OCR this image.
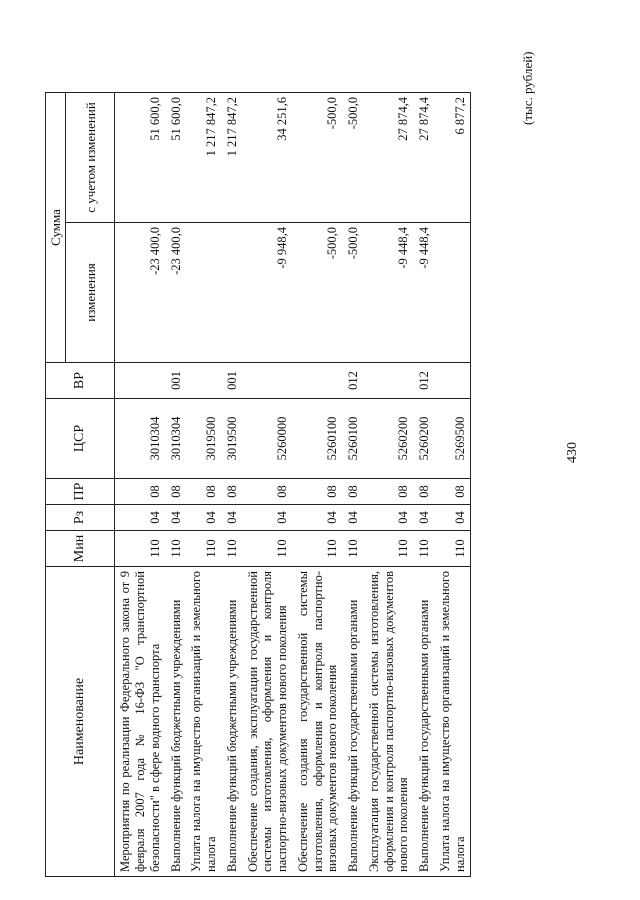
430
(тыс. рублей)
Наименование	Мин	Рз	ПР	ЦСР	ВР	Сумма	
						изменения	с учетом изменений
Мероприятия по реализации Федерального закона от 9 февраля 2007 года № 16-ФЗ "О транспортной безопасности" в сфере водного транспорта	110	04	08	3010304		-23 400,0	51 600,0
Выполнение функций бюджетными учреждениями	110	04	08	3010304	001	-23 400,0	51 600,0
Уплата налога на имущество организаций и земельного налога	110	04	08	3019500			1 217 847,2
Выполнение функций бюджетными учреждениями	110	04	08	3019500	001		1 217 847,2
Обеспечение создания, эксплуатации государственной системы изготовления, оформления и контроля паспортно-визовых документов нового поколения	110	04	08	5260000		-9 948,4	34 251,6
Обеспечение создания государственной системы изготовления, оформления и контроля паспортно-визовых документов нового поколения	110	04	08	5260100		-500,0	-500,0
Выполнение функций государственными органами	110	04	08	5260100	012	-500,0	-500,0
Эксплуатация государственной системы изготовления, оформления и контроля паспортно-визовых документов нового поколения	110	04	08	5260200		-9 448,4	27 874,4
Выполнение функций государственными органами	110	04	08	5260200	012	-9 448,4	27 874,4
Уплата налога на имущество организаций и земельного налога	110	04	08	5269500			6 877,2
